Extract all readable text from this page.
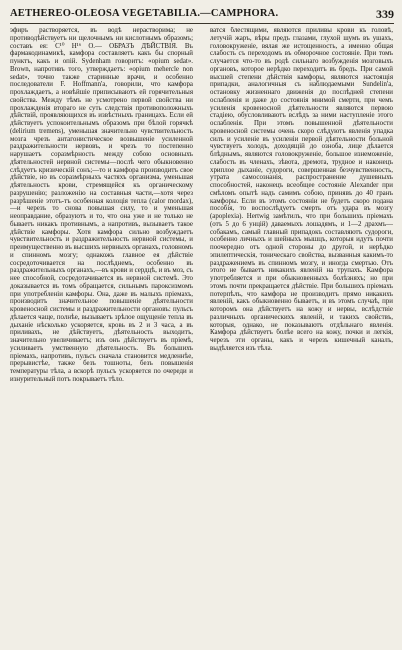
AETHEREO-OLEOSA VEGETABILIA.—CAMPHORA.	339

эфиръ растворяется, въ водѣ нерастворима; не противодѣйствуетъ ни щелочнымъ ни кислотнымъ образомъ; составъ ея: C¹⁰ H¹⁶ O.— ОБРАЗЪ ДѢЙСТВІЯ. Въ фармакодинамикѣ, камфора составляетъ какъ бы спорный пунктъ, какъ и опій. Sydenham говоритъ: «opium sedat». Brown, напротивъ того, утверждаетъ: «opium mehercle non sedat», точно также старинные врачи, и особенно последователи F. Hoffmann'а, говорили, что камфора прохлаждаетъ, а новѣйшіе приписываютъ ей горячительныя свойства. Между тѣмъ не усмотрено первой свойства ни прохлажденія втораго не суть следствія противоположныхъ дѣйствій, проявляющихся въ извѣстныхъ границахъ. Если ей дѣйствуетъ успокоительнымъ образомъ при бѣлой горячкѣ (delirium tremens), уменьшая значительно чувствительность мозга чрезъ антагонистическое возвышеніе усиленной раздражительности нервовъ, и чрезъ то постепенно нарушаетъ соразмѣрность между собою основныхъ дѣятельностей нервной системы—послѣ чего обыкновенно слѣдуетъ кризическій сонъ;—то и камфора производитъ свое дѣйствіе, но въ соразмѣрныхъ частяхъ организма, уменьшая дѣятельность крови, стремящейся къ органическому разрушенію; разложенію на составныя части,—хотя через разрѣшеніе этотъ-тъ особенная колоція тепла (calor mordax),—и черезъ то снова повышая силу, то и уменьшая неоправдание, образуютъ и то, что она уже и не только не бываетъ никакъ противнымъ, а напротивъ, вызываетъ такое дѣйствіе камфоры. Хотя камфора сильно возбуждаетъ чувствительность и раздражительность нервной системы, и преимущественно въ высшихъ нервныхъ органахъ, головномъ и спинномъ мозгу; однакожъ главное ея дѣйствіе сосредоточивается на послѣднемъ, особенно въ раздражительныхъ органахъ,—въ крови и сердцѣ, и въ моз, съ нее способной, сосредотачивается въ нервной системѣ. Это доказывается въ томъ обращается, сильнымъ пароксизмомъ при употребленіи камфоры. Она, даже въ малыхъ пріемахъ, производитъ значительное повышеніе дѣятельности кровеносной системы и раздражительности органовъ: пульсъ дѣлается чаще, полнѣе, вызываетъ зрѣлое ощущеніе тепла въ дыханіе нѣсколько ускоряется, кровь въ 2 и 3 часа, а въ приливахъ, не дѣйствуетъ, дѣятельность выходитъ, значительно увеличиваетъ; изъ онъ дѣйствуетъ въ пріемѣ, усиливаетъ умственную дѣятельность. Въ большихъ пріемахъ, напротивъ, пульсъ сначала становится медленнѣе, прерывистѣе, также безъ тошноты, безъ повышенія температуры тѣла, а вскорѣ пульсъ ускоряется по очереди и изнурительный потъ покрываетъ тѣло.

ватся блестящими, являются приливы крови къ головѣ, летучій жаръ, вѣры предъ глазами, глухой шумъ въ ушахъ, головокруженіе, вялая же истощенность, а именно общая слабость съ переходомъ въ обморочное состояніе. При томъ случается что-то въ родѣ сильнаго возбужденія мозговыхъ органовъ, которое нерѣдко переходитъ въ бредъ. При самой высшей степени дѣйствія камфоры, являются настоящія припадки, аналогичныя съ наблюдаемыми Sundelin'а, остановку жизненнаго движенія до послѣдней степени ослабленія и даже до состоянія мнимой смерти, при чемъ усиленія кровеносной дѣятельности являются первою стадіею, обусловливаютъ вслѣдъ за ними наступленіе этого ослабленія. При этомъ повышенной дѣятельности кровеносной системы очень скоро слѣдуютъ явленія упадка силъ и усиленіе въ усиленіи первой дѣятельности больной чувствуетъ холодъ, доходящій до озноба, лице дѣлается блѣднымъ, являются головокруженіе, большое изнеможеніе, слабость въ членахъ, зѣвота, дремота, трудное и наконецъ хриплое дыханіе, судороги, совершенная безчувственность, утрата самосознанія, распространение душевныхъ способностей, наконецъ всеобщее состояніе Alexander при смѣломъ опытѣ надъ самимъ собою, принявъ до 40 гранъ камфоры. Если въ этомъ состояніи не будетъ скоро подана пособія, то воспослѣдуетъ смерть отъ удара въ мозгу (apoplexia). Hertwig замѣтилъ, что при большихъ пріемахъ (отъ 5 до 6 унцій) даваемыхъ лошадямъ, и 1—2 драхмъ—собакамъ, самый главный припадокъ составляютъ судороги, особенно личныхъ и шейныхъ мышцъ, которыя идутъ почти поочередно отъ одной стороны до другой, и нерѣдко эпилептическія, тоническаго свойства, вызванныя какимъ-то раздражениемъ въ спинномъ мозгу, и иногда смертью. Отъ этого не бываетъ никакихъ явленій на трупахъ. Камфора употребляется и при обыкновенныхъ болѣзняхъ; но при этомъ почти прекращается дѣйствіе. При большихъ пріемахъ потерпѣлъ, что камфора не производитъ прямо никакихъ явленій, какъ обыкновенно бываетъ, и въ этомъ случаѣ, при которомъ она дѣйствуетъ на кожу и нервы, вслѣдствіе различныхъ органическихъ явленій, и такихъ свойствъ, которыя, однако, не показываютъ отдѣльнаго явленія. Камфора дѣйствуетъ болѣе всего на кожу, почки и легкія, черезъ эти органы, какъ и черезъ кишечный каналъ, выдѣляется изъ тѣла.
